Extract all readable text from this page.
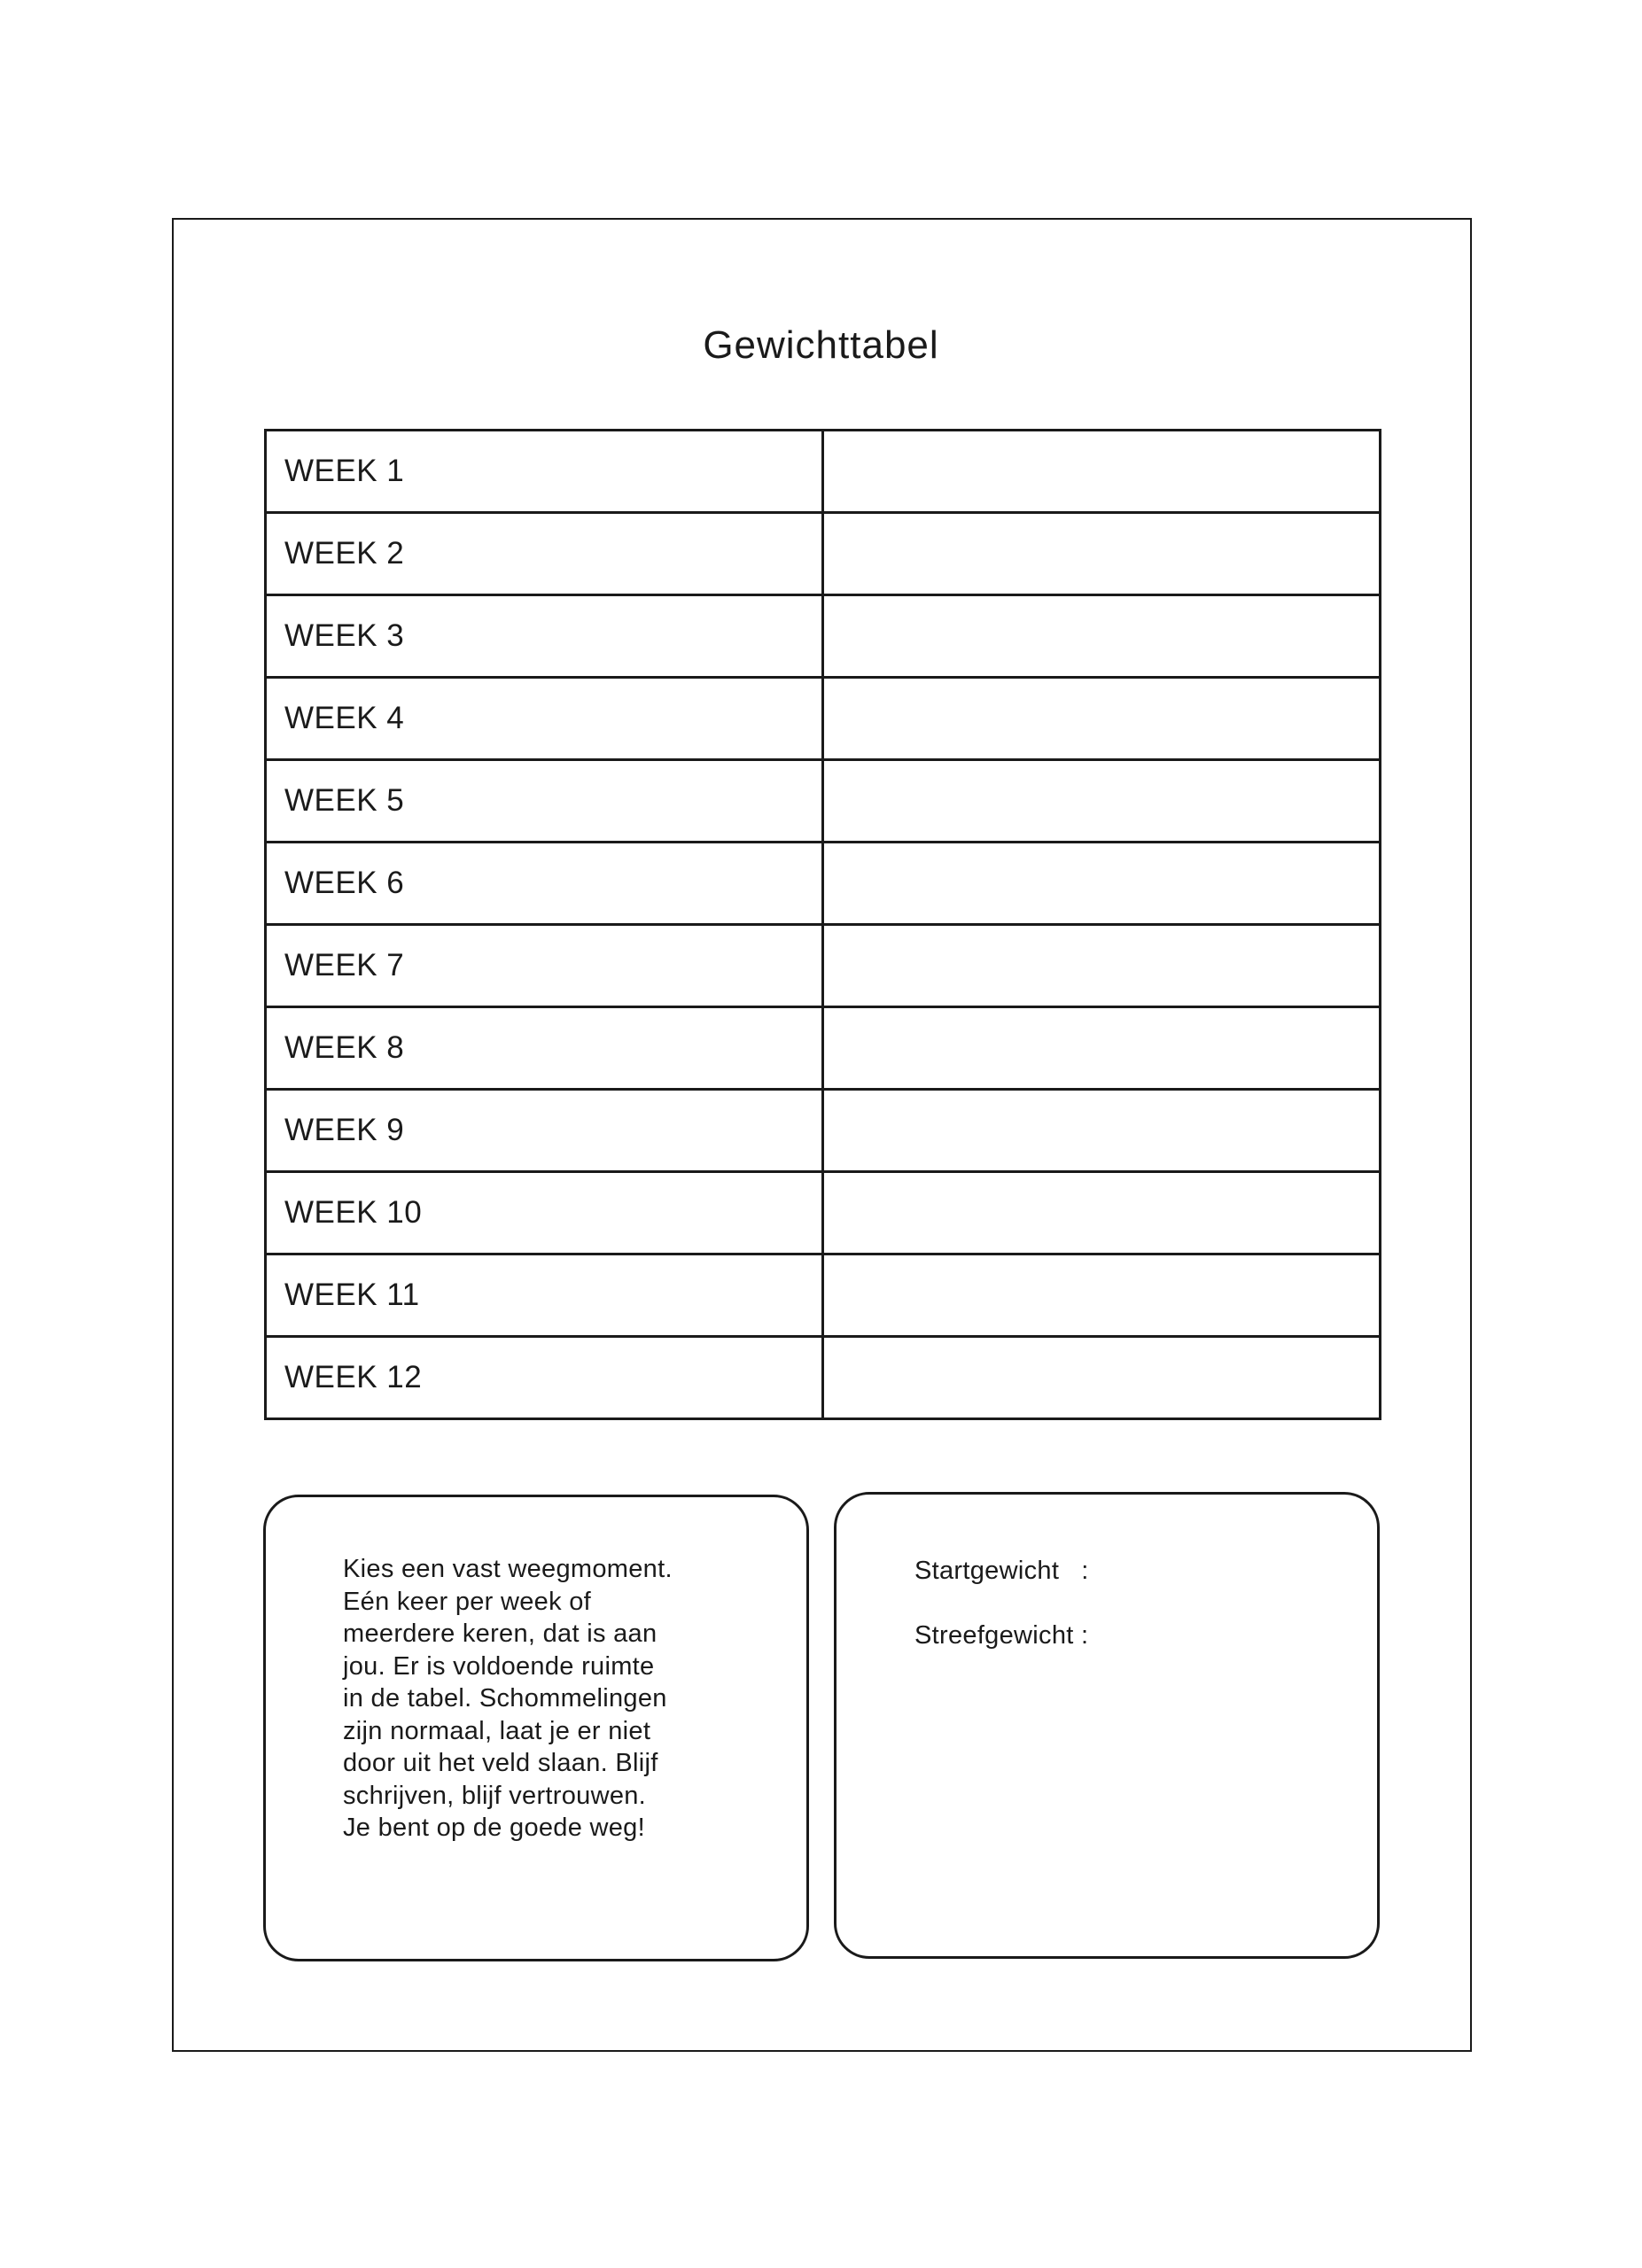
Gewichttabel
WEEK 1	
WEEK 2	
WEEK 3	
WEEK 4	
WEEK 5	
WEEK 6	
WEEK 7	
WEEK 8	
WEEK 9	
WEEK 10	
WEEK 11	
WEEK 12	

Kies een vast weegmoment.
Eén keer per week of
meerdere keren, dat is aan
jou. Er is voldoende ruimte
in de tabel. Schommelingen
zijn normaal, laat je er niet
door uit het veld slaan. Blijf
schrijven, blijf vertrouwen.
Je bent op de goede weg!

Startgewicht   :
Streefgewicht :
